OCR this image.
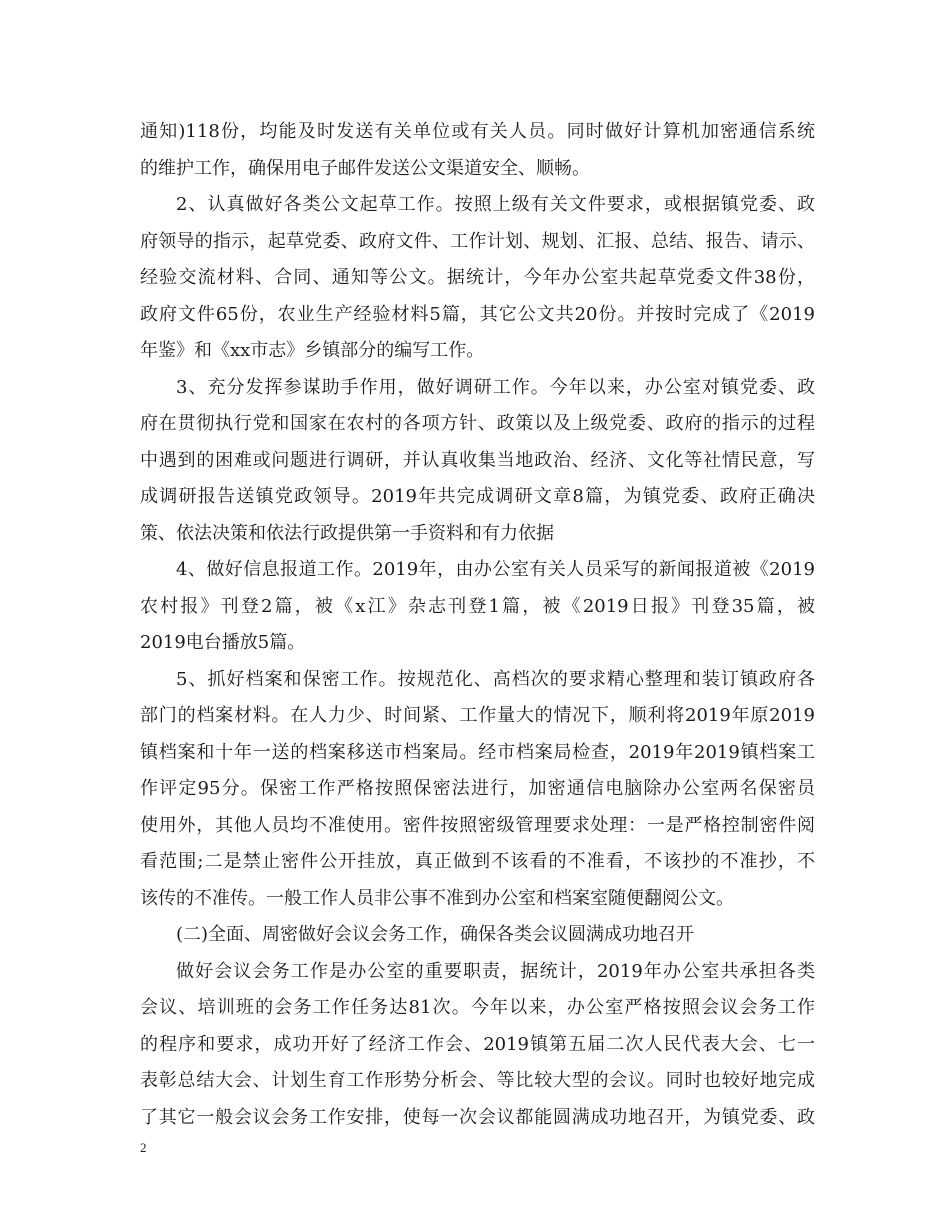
通知)118份，均能及时发送有关单位或有关人员。同时做好计算机加密通信系统
的维护工作，确保用电子邮件发送公文渠道安全、顺畅。
2、认真做好各类公文起草工作。按照上级有关文件要求，或根据镇党委、政
府领导的指示，起草党委、政府文件、工作计划、规划、汇报、总结、报告、请示、
经验交流材料、合同、通知等公文。据统计，今年办公室共起草党委文件38份，
政府文件65份，农业生产经验材料5篇，其它公文共20份。并按时完成了《2019
年鉴》和《xx市志》乡镇部分的编写工作。
3、充分发挥参谋助手作用，做好调研工作。今年以来，办公室对镇党委、政
府在贯彻执行党和国家在农村的各项方针、政策以及上级党委、政府的指示的过程
中遇到的困难或问题进行调研，并认真收集当地政治、经济、文化等社情民意，写
成调研报告送镇党政领导。2019年共完成调研文章8篇，为镇党委、政府正确决
策、依法决策和依法行政提供第一手资料和有力依据
4、做好信息报道工作。2019年，由办公室有关人员采写的新闻报道被《2019
农村报》刊登2篇，被《x江》杂志刊登1篇，被《2019日报》刊登35篇，被
2019电台播放5篇。
5、抓好档案和保密工作。按规范化、高档次的要求精心整理和装订镇政府各
部门的档案材料。在人力少、时间紧、工作量大的情况下，顺利将2019年原2019
镇档案和十年一送的档案移送市档案局。经市档案局检查，2019年2019镇档案工
作评定95分。保密工作严格按照保密法进行，加密通信电脑除办公室两名保密员
使用外，其他人员均不准使用。密件按照密级管理要求处理：一是严格控制密件阅
看范围;二是禁止密件公开挂放，真正做到不该看的不准看，不该抄的不准抄，不
该传的不准传。一般工作人员非公事不准到办公室和档案室随便翻阅公文。
(二)全面、周密做好会议会务工作，确保各类会议圆满成功地召开
做好会议会务工作是办公室的重要职责，据统计，2019年办公室共承担各类
会议、培训班的会务工作任务达81次。今年以来，办公室严格按照会议会务工作
的程序和要求，成功开好了经济工作会、2019镇第五届二次人民代表大会、七一
表彰总结大会、计划生育工作形势分析会、等比较大型的会议。同时也较好地完成
了其它一般会议会务工作安排，使每一次会议都能圆满成功地召开，为镇党委、政
2
